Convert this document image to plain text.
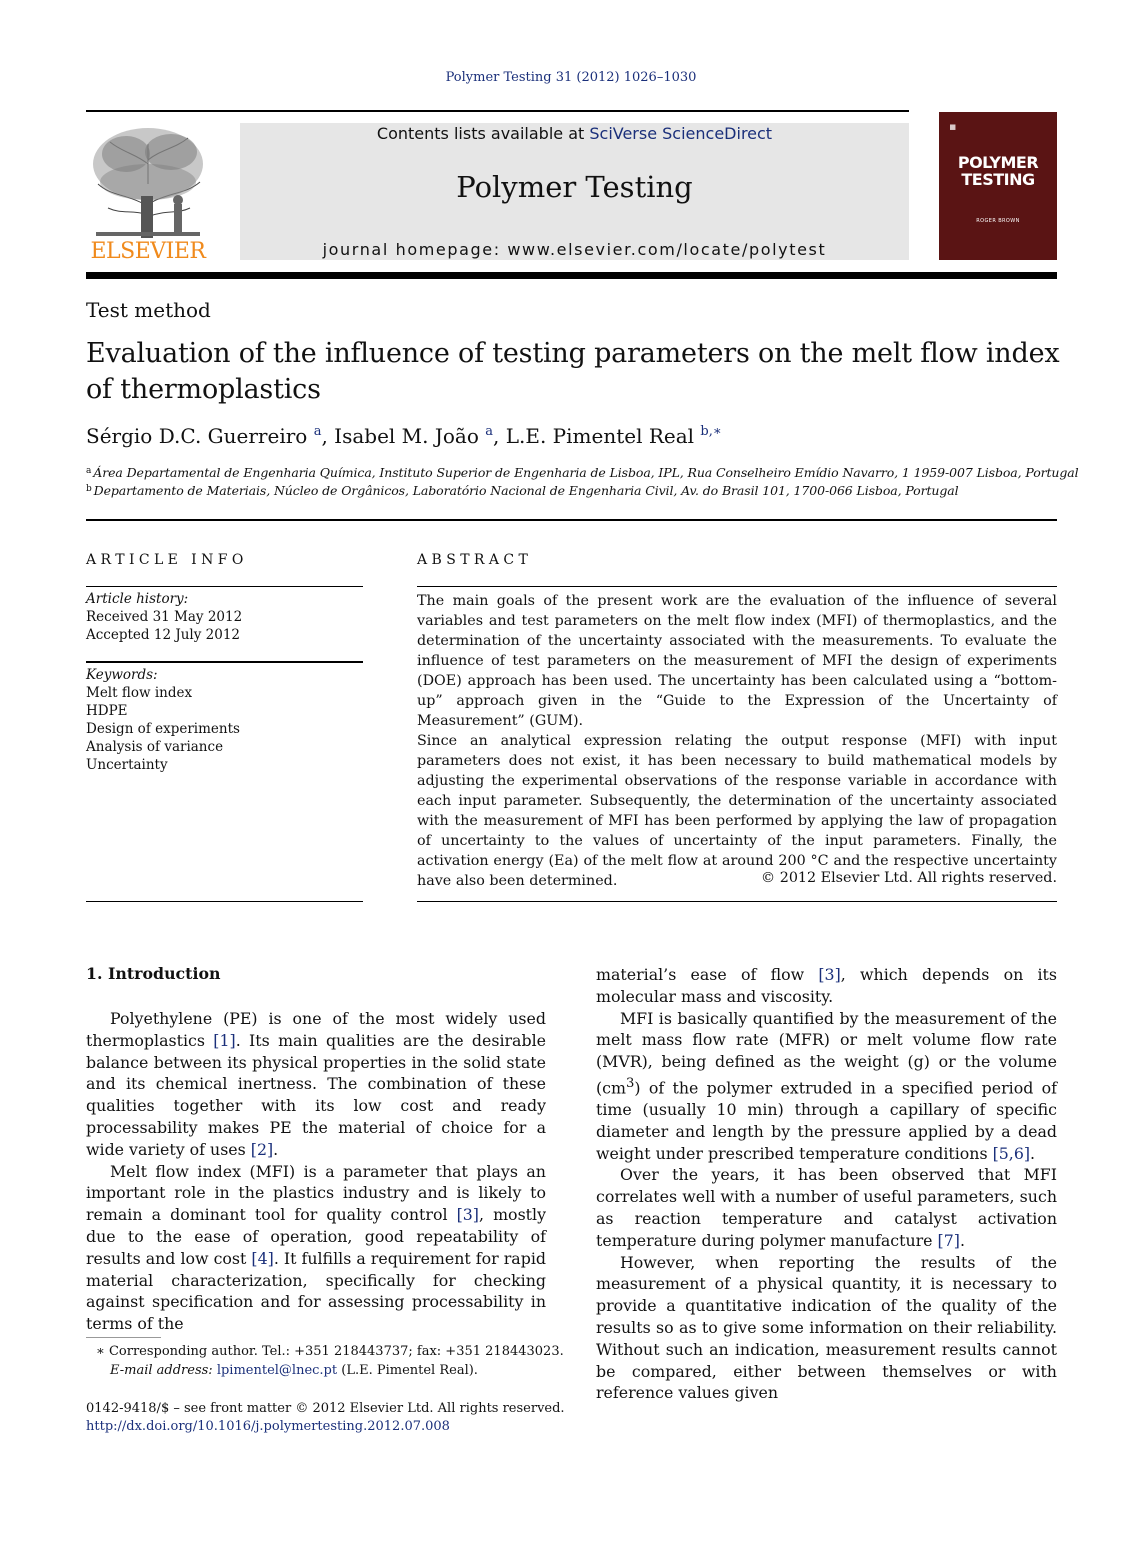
Polymer Testing 31 (2012) 1026–1030
ELSEVIER
Contents lists available at SciVerse ScienceDirect
Polymer Testing
journal homepage: www.elsevier.com/locate/polytest
▪
POLYMER
TESTING
ROGER BROWN
Test method
Evaluation of the influence of testing parameters on the melt flow index of thermoplastics
Sérgio D.C. Guerreiro $^a$, Isabel M. João $^a$, L.E. Pimentel Real $^{b,∗}$
$^a$ Área Departamental de Engenharia Química, Instituto Superior de Engenharia de Lisboa, IPL, Rua Conselheiro Emídio Navarro, 1 1959-007 Lisboa, Portugal
$^b$ Departamento de Materiais, Núcleo de Orgânicos, Laboratório Nacional de Engenharia Civil, Av. do Brasil 101, 1700-066 Lisboa, Portugal
ARTICLE INFO
Article history:
Received 31 May 2012
Accepted 12 July 2012
Keywords:
Melt flow index
HDPE
Design of experiments
Analysis of variance
Uncertainty
ABSTRACT

The main goals of the present work are the evaluation of the influence of several variables and test parameters on the melt flow index (MFI) of thermoplastics, and the determination of the uncertainty associated with the measurements. To evaluate the influence of test parameters on the measurement of MFI the design of experiments (DOE) approach has been used. The uncertainty has been calculated using a “bottom-up” approach given in the “Guide to the Expression of the Uncertainty of Measurement” (GUM).

Since an analytical expression relating the output response (MFI) with input parameters does not exist, it has been necessary to build mathematical models by adjusting the experimental observations of the response variable in accordance with each input parameter. Subsequently, the determination of the uncertainty associated with the measurement of MFI has been performed by applying the law of propagation of uncertainty to the values of uncertainty of the input parameters. Finally, the activation energy (Ea) of the melt flow at around 200 °C and the respective uncertainty have also been determined.	© 2012 Elsevier Ltd. All rights reserved.
1. Introduction

Polyethylene (PE) is one of the most widely used thermoplastics [1]. Its main qualities are the desirable balance between its physical properties in the solid state and its chemical inertness. The combination of these qualities together with its low cost and ready processability makes PE the material of choice for a wide variety of uses [2].

Melt flow index (MFI) is a parameter that plays an important role in the plastics industry and is likely to remain a dominant tool for quality control [3], mostly due to the ease of operation, good repeatability of results and low cost [4]. It fulfills a requirement for rapid material characterization, specifically for checking against specification and for assessing processability in terms of the

material’s ease of flow [3], which depends on its molecular mass and viscosity.

MFI is basically quantified by the measurement of the melt mass flow rate (MFR) or melt volume flow rate (MVR), being defined as the weight (g) or the volume $(cm^3)$ of the polymer extruded in a specified period of time (usually 10 min) through a capillary of specific diameter and length by the pressure applied by a dead weight under prescribed temperature conditions [5,6].

Over the years, it has been observed that MFI correlates well with a number of useful parameters, such as reaction temperature and catalyst activation temperature during polymer manufacture [7].

However, when reporting the results of the measurement of a physical quantity, it is necessary to provide a quantitative indication of the quality of the results so as to give some information on their reliability. Without such an indication, measurement results cannot be compared, either between themselves or with reference values given

∗ Corresponding author. Tel.: +351 218443737; fax: +351 218443023.
E-mail address: lpimentel@lnec.pt (L.E. Pimentel Real).
0142-9418/$ – see front matter © 2012 Elsevier Ltd. All rights reserved.
http://dx.doi.org/10.1016/j.polymertesting.2012.07.008
